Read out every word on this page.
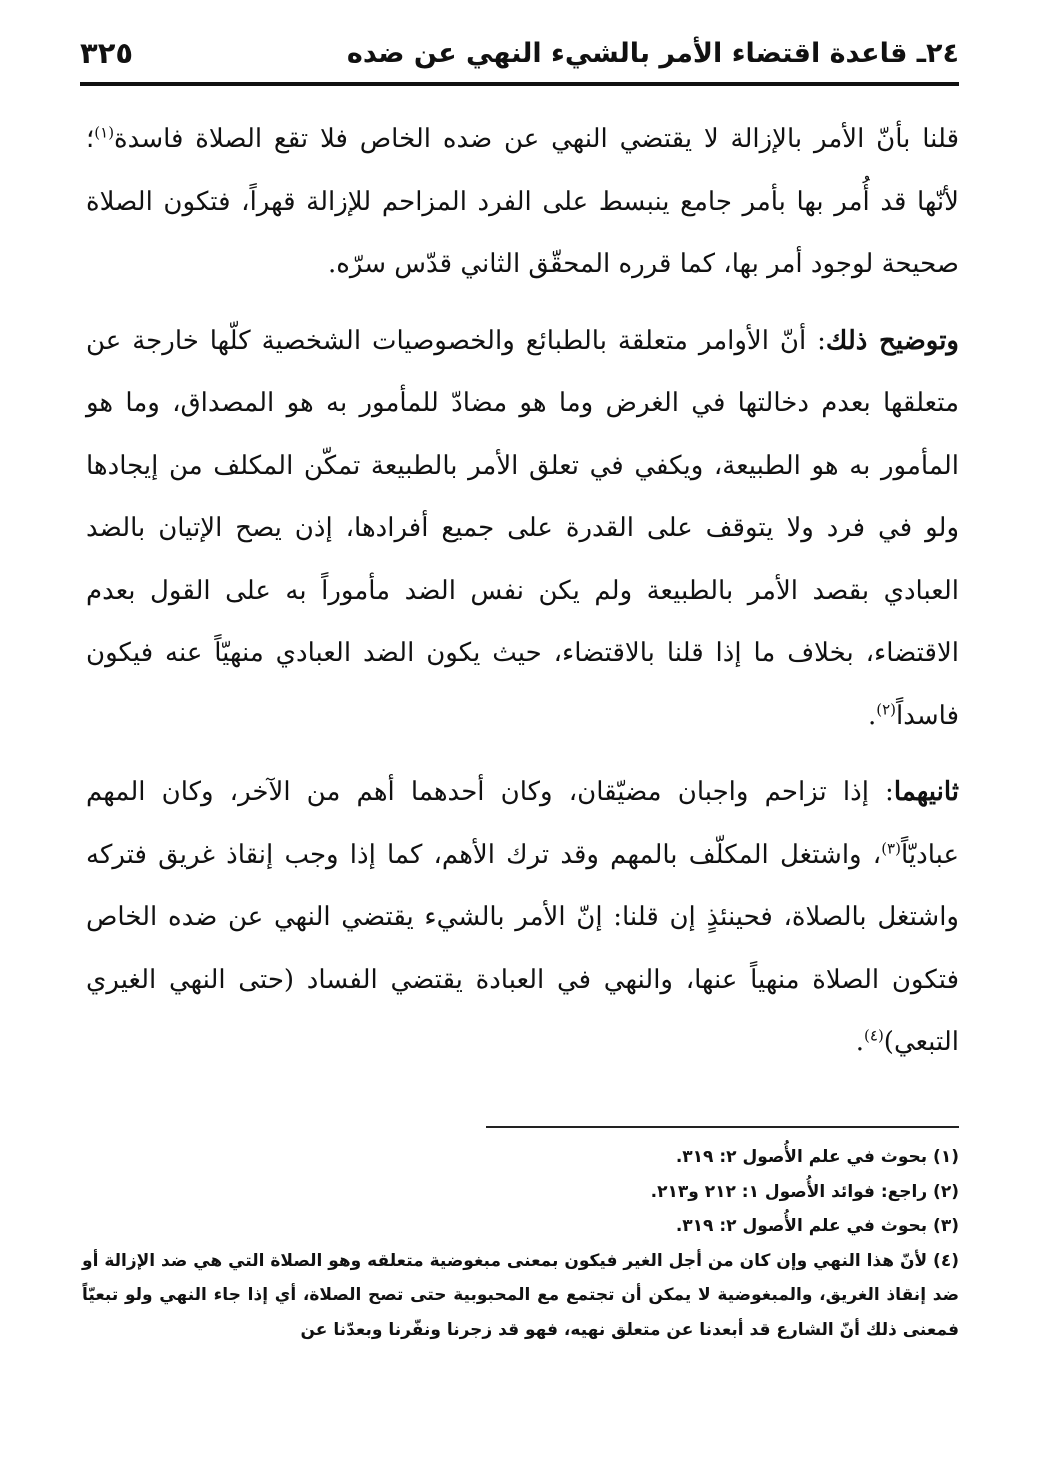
٢٤ـ قاعدة اقتضاء الأمر بالشيء النهي عن ضده
٣٢٥

قلنا بأنّ الأمر بالإزالة لا يقتضي النهي عن ضده الخاص فلا تقع الصلاة فاسدة$^{(١)}$؛ لأنّها قد أُمر بها بأمر جامع ينبسط على الفرد المزاحم للإزالة قهراً، فتكون الصلاة صحيحة لوجود أمر بها، كما قرره المحقّق الثاني قدّس سرّه.

وتوضيح ذلك: أنّ الأوامر متعلقة بالطبائع والخصوصيات الشخصية كلّها خارجة عن متعلقها بعدم دخالتها في الغرض وما هو مضادّ للمأمور به هو المصداق، وما هو المأمور به هو الطبيعة، ويكفي في تعلق الأمر بالطبيعة تمكّن المكلف من إيجادها ولو في فرد ولا يتوقف على القدرة على جميع أفرادها، إذن يصح الإتيان بالضد العبادي بقصد الأمر بالطبيعة ولم يكن نفس الضد مأموراً به على القول بعدم الاقتضاء، بخلاف ما إذا قلنا بالاقتضاء، حيث يكون الضد العبادي منهيّاً عنه فيكون فاسداً$^{(٢)}$.

ثانيهما: إذا تزاحم واجبان مضيّقان، وكان أحدهما أهم من الآخر، وكان المهم عباديّاً$^{(٣)}$، واشتغل المكلّف بالمهم وقد ترك الأهم، كما إذا وجب إنقاذ غريق فتركه واشتغل بالصلاة، فحينئذٍ إن قلنا: إنّ الأمر بالشيء يقتضي النهي عن ضده الخاص فتكون الصلاة منهياً عنها، والنهي في العبادة يقتضي الفساد (حتى النهي الغيري التبعي)$^{(٤)}$.

(١) بحوث في علم الأُصول ٢: ٣١٩.

(٢) راجع: فوائد الأُصول ١: ٢١٢ و٢١٣.

(٣) بحوث في علم الأُصول ٢: ٣١٩.

(٤) لأنّ هذا النهي وإن كان من أجل الغير فيكون بمعنى مبغوضية متعلقه وهو الصلاة التي هي ضد الإزالة أو ضد إنقاذ الغريق، والمبغوضية لا يمكن أن تجتمع مع المحبوبية حتى تصح الصلاة، أي إذا جاء النهي ولو تبعيّاً فمعنى ذلك أنّ الشارع قد أبعدنا عن متعلق نهيه، فهو قد زجرنا ونفّرنا وبعدّنا عن
